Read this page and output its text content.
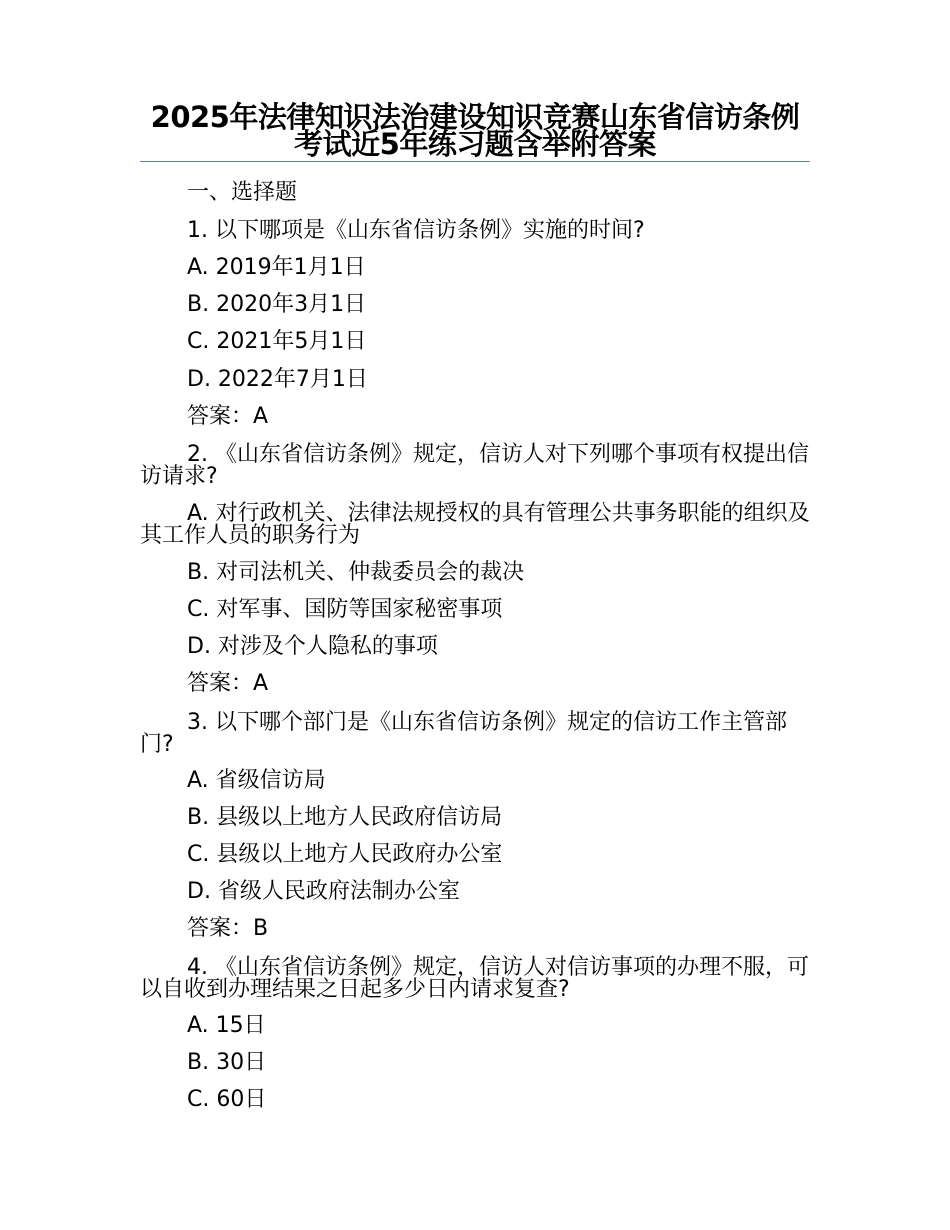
2025年法律知识法治建设知识竞赛山东省信访条例考试近5年练习题含举附答案
一、选择题
1. 以下哪项是《山东省信访条例》实施的时间?
A. 2019年1月1日
B. 2020年3月1日
C. 2021年5月1日
D. 2022年7月1日
答案：A
2. 《山东省信访条例》规定，信访人对下列哪个事项有权提出信访请求?
A. 对行政机关、法律法规授权的具有管理公共事务职能的组织及其工作人员的职务行为
B. 对司法机关、仲裁委员会的裁决
C. 对军事、国防等国家秘密事项
D. 对涉及个人隐私的事项
答案：A
3. 以下哪个部门是《山东省信访条例》规定的信访工作主管部门?
A. 省级信访局
B. 县级以上地方人民政府信访局
C. 县级以上地方人民政府办公室
D. 省级人民政府法制办公室
答案：B
4. 《山东省信访条例》规定，信访人对信访事项的办理不服，可以自收到办理结果之日起多少日内请求复查?
A. 15日
B. 30日
C. 60日
